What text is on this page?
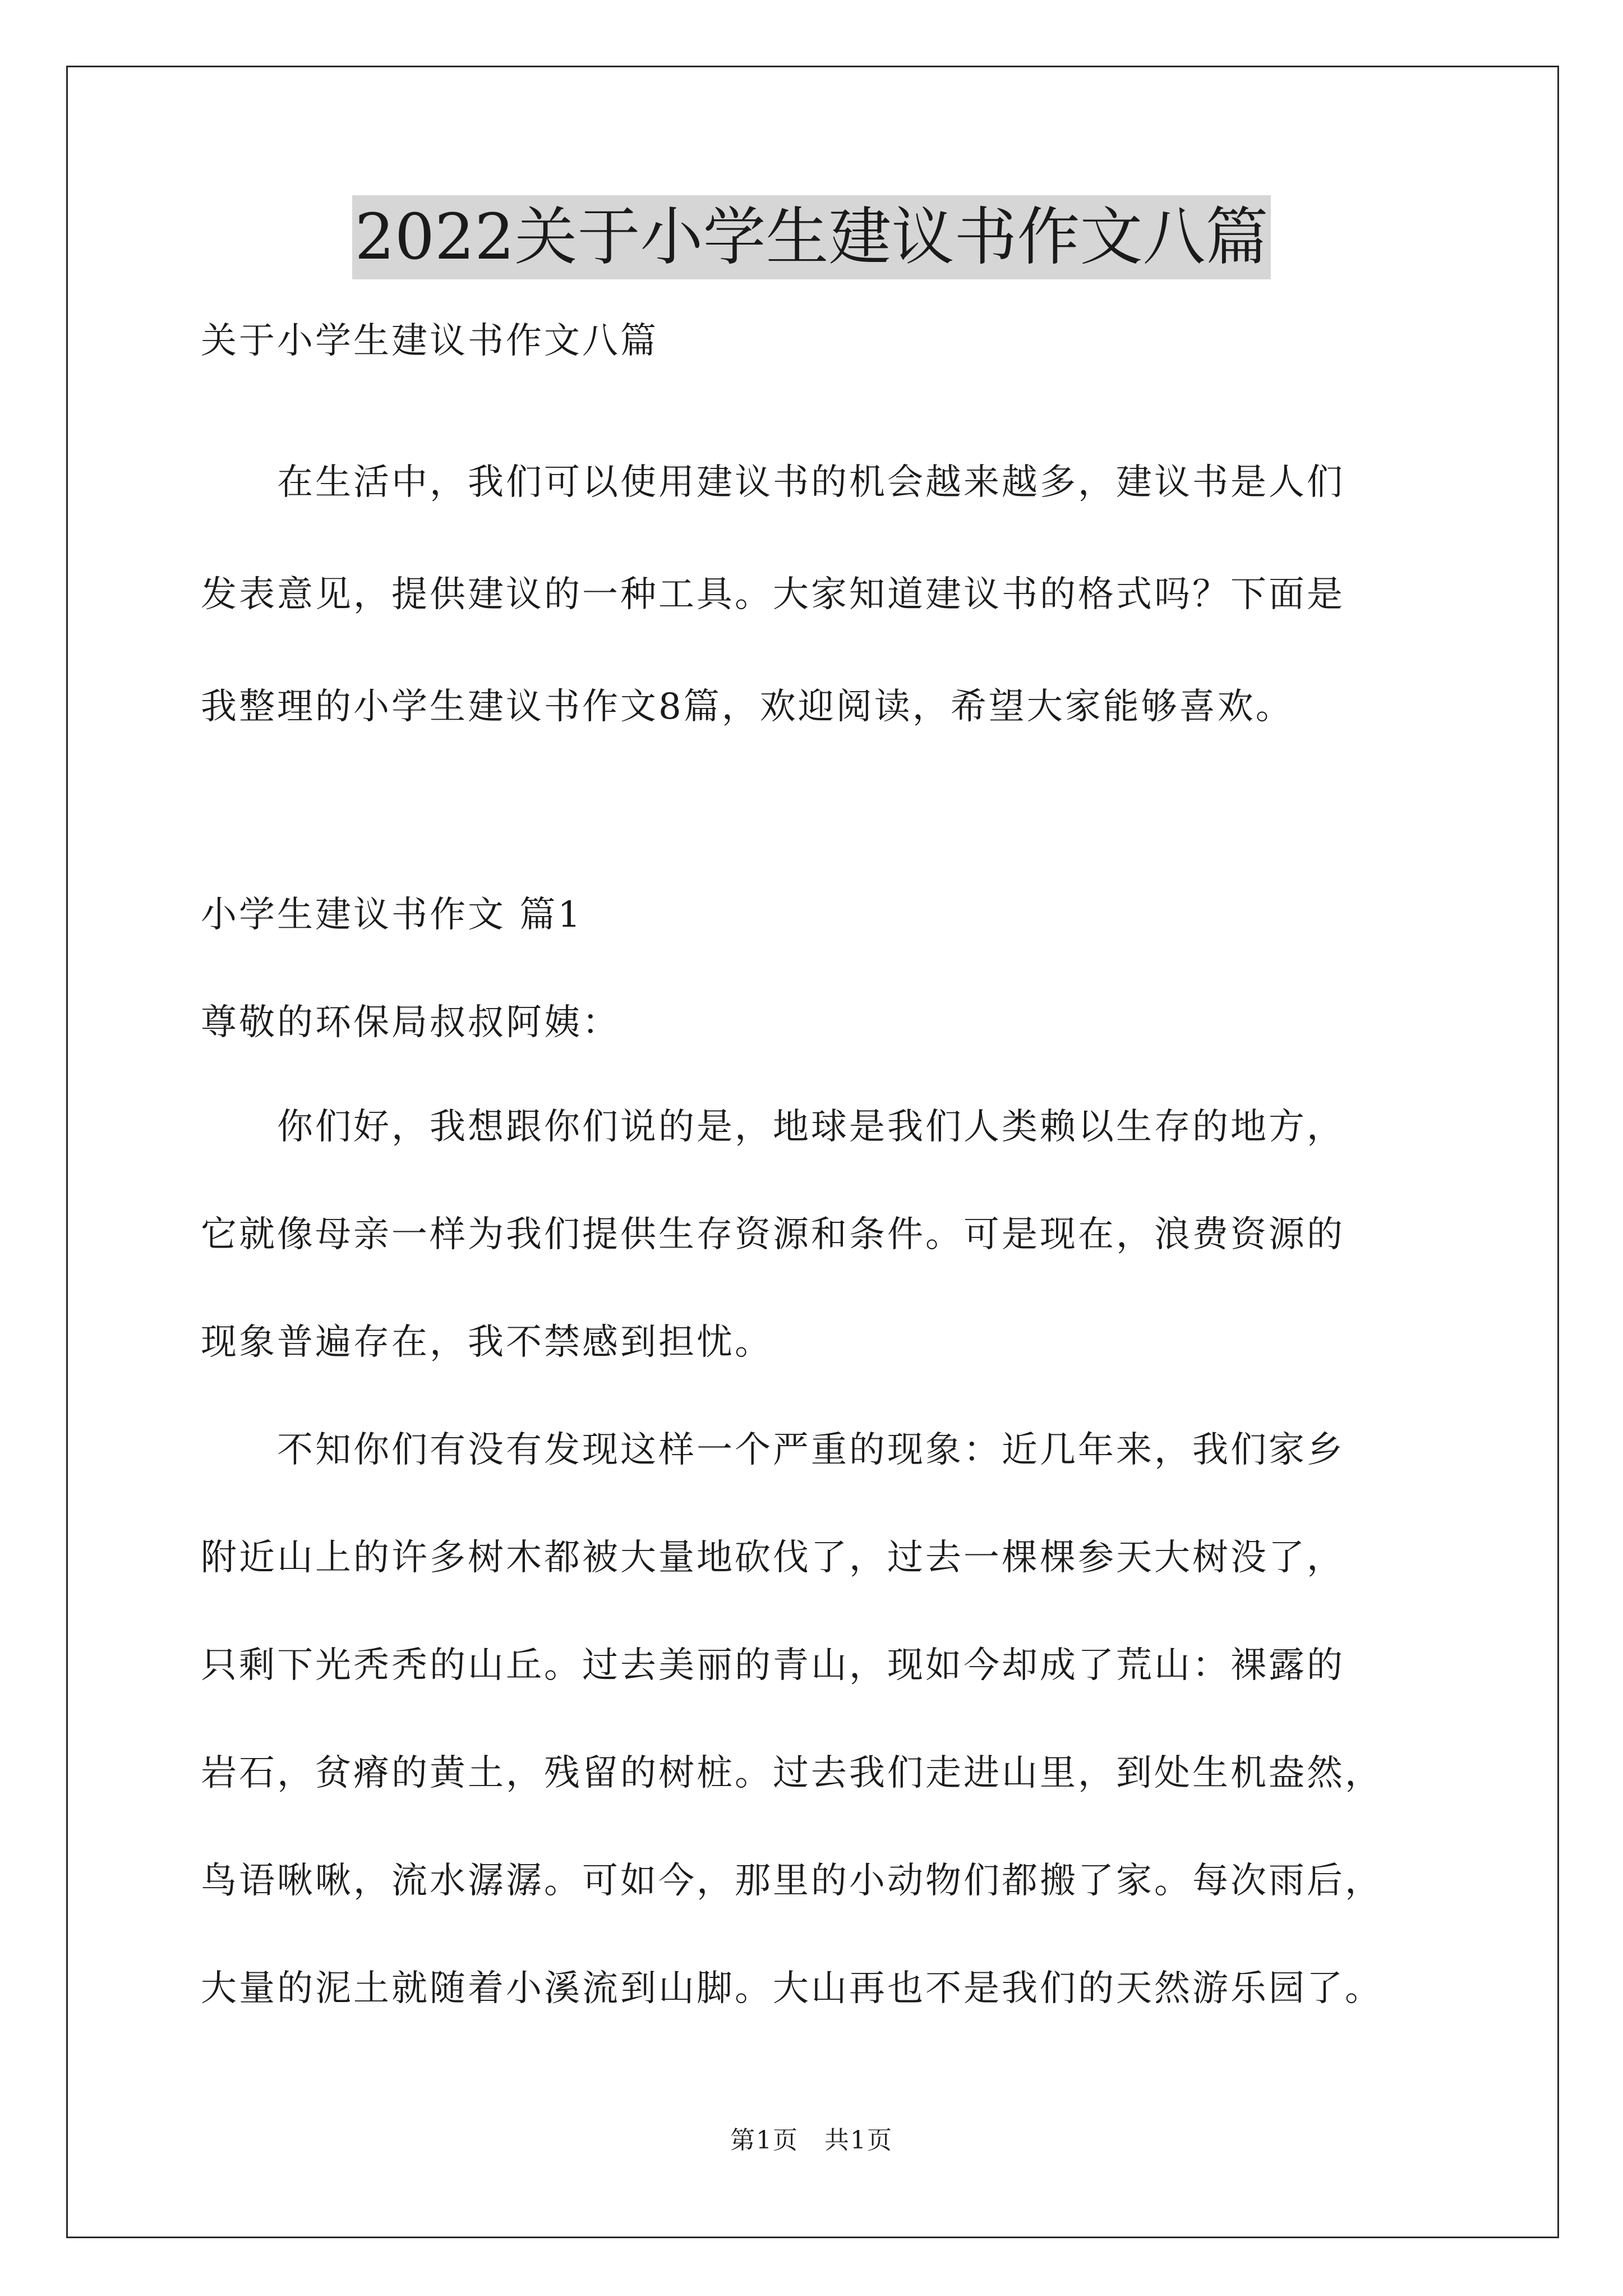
2022关于小学生建议书作文八篇
关于小学生建议书作文八篇
　　在生活中，我们可以使用建议书的机会越来越多，建议书是人们
发表意见，提供建议的一种工具。大家知道建议书的格式吗？下面是
我整理的小学生建议书作文8篇，欢迎阅读，希望大家能够喜欢。
小学生建议书作文 篇1
尊敬的环保局叔叔阿姨：
　　你们好，我想跟你们说的是，地球是我们人类赖以生存的地方，
它就像母亲一样为我们提供生存资源和条件。可是现在，浪费资源的
现象普遍存在，我不禁感到担忧。
　　不知你们有没有发现这样一个严重的现象：近几年来，我们家乡
附近山上的许多树木都被大量地砍伐了，过去一棵棵参天大树没了，
只剩下光秃秃的山丘。过去美丽的青山，现如今却成了荒山：裸露的
岩石，贫瘠的黄土，残留的树桩。过去我们走进山里，到处生机盎然，
鸟语啾啾，流水潺潺。可如今，那里的小动物们都搬了家。每次雨后，
大量的泥土就随着小溪流到山脚。大山再也不是我们的天然游乐园了。
第1页　共1页
